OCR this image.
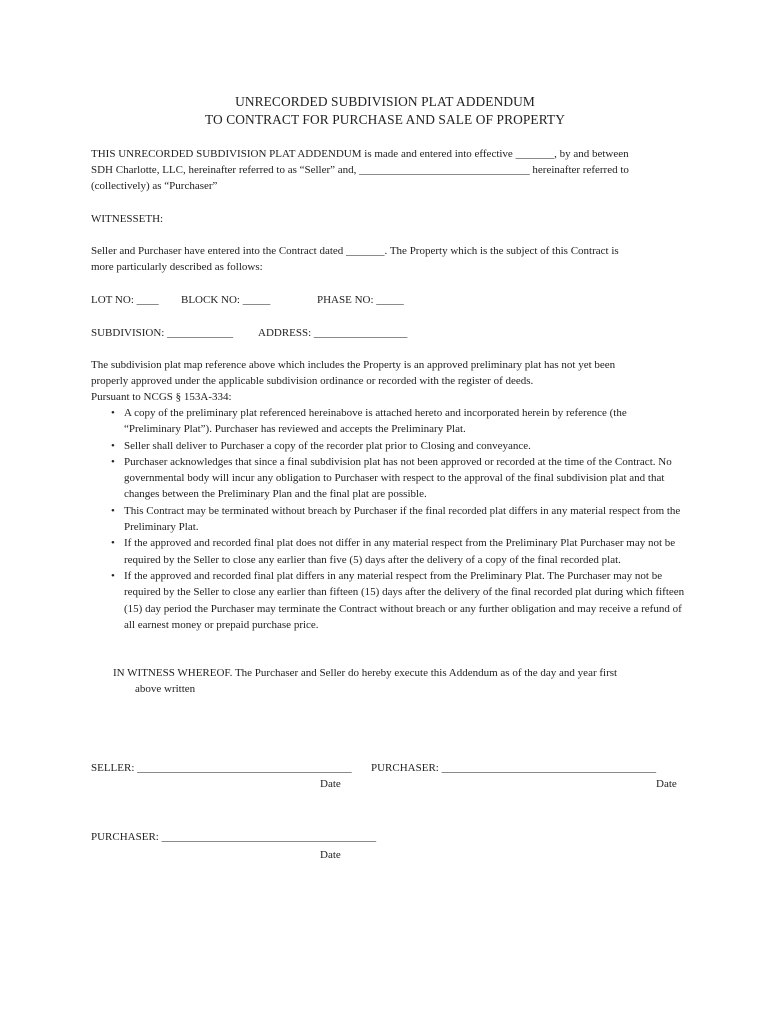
UNRECORDED SUBDIVISION PLAT ADDENDUM
TO CONTRACT FOR PURCHASE AND SALE OF PROPERTY
THIS UNRECORDED SUBDIVISION PLAT ADDENDUM is made and entered into effective _______, by and between
SDH Charlotte, LLC, hereinafter referred to as “Seller” and, _______________________________ hereinafter referred to
(collectively) as “Purchaser”
WITNESSETH:
Seller and Purchaser have entered into the Contract dated _______. The Property which is the subject of this Contract is
more particularly described as follows:
LOT NO: ____ BLOCK NO: _____	PHASE NO: _____
SUBDIVISION: ____________ ADDRESS: _________________
The subdivision plat map reference above which includes the Property is an approved preliminary plat has not yet been
properly approved under the applicable subdivision ordinance or recorded with the register of deeds.
Pursuant to NCGS § 153A-334:
• A copy of the preliminary plat referenced hereinabove is attached hereto and incorporated herein by reference (the “Preliminary Plat”). Purchaser has reviewed and accepts the Preliminary Plat.
• Seller shall deliver to Purchaser a copy of the recorder plat prior to Closing and conveyance.
• Purchaser acknowledges that since a final subdivision plat has not been approved or recorded at the time of the Contract. No governmental body will incur any obligation to Purchaser with respect to the approval of the final subdivision plat and that changes between the Preliminary Plan and the final plat are possible.
• This Contract may be terminated without breach by Purchaser if the final recorded plat differs in any material respect from the Preliminary Plat.
• If the approved and recorded final plat does not differ in any material respect from the Preliminary Plat Purchaser may not be required by the Seller to close any earlier than five (5) days after the delivery of a copy of the final recorded plat.
• If the approved and recorded final plat differs in any material respect from the Preliminary Plat. The Purchaser may not be required by the Seller to close any earlier than fifteen (15) days after the delivery of the final recorded plat during which fifteen (15) day period the Purchaser may terminate the Contract without breach or any further obligation and may receive a refund of all earnest money or prepaid purchase price.
IN WITNESS WHEREOF. The Purchaser and Seller do hereby execute this Addendum as of the day and year first
above written
SELLER: _______________________________________ PURCHASER: _______________________________________
Date	Date
PURCHASER: _______________________________________
Date
